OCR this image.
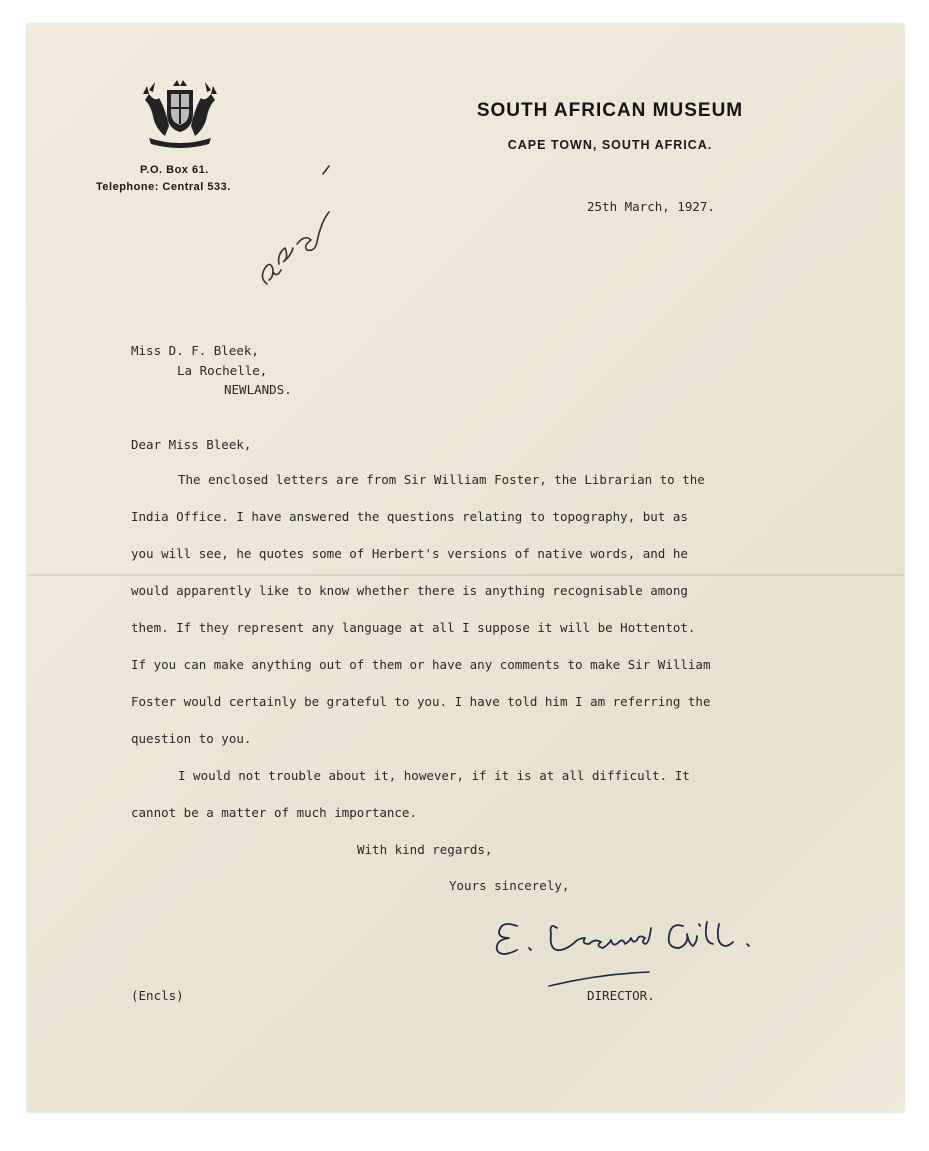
P.O. Box 61.
Telephone: Central 533.
SOUTH AFRICAN MUSEUM
CAPE TOWN, SOUTH AFRICA.
25th March, 1927.
Miss D. F. Bleek,
La Rochelle,
NEWLANDS.
Dear Miss Bleek,
The enclosed letters are from Sir William Foster, the Librarian to the
India Office. I have answered the questions relating to topography, but as
you will see, he quotes some of Herbert's versions of native words, and he
would apparently like to know whether there is anything recognisable among
them. If they represent any language at all I suppose it will be Hottentot.
If you can make anything out of them or have any comments to make Sir William
Foster would certainly be grateful to you. I have told him I am referring the
question to you.
I would not trouble about it, however, if it is at all difficult. It
cannot be a matter of much importance.
With kind regards,
Yours sincerely,
DIRECTOR.
(Encls)
